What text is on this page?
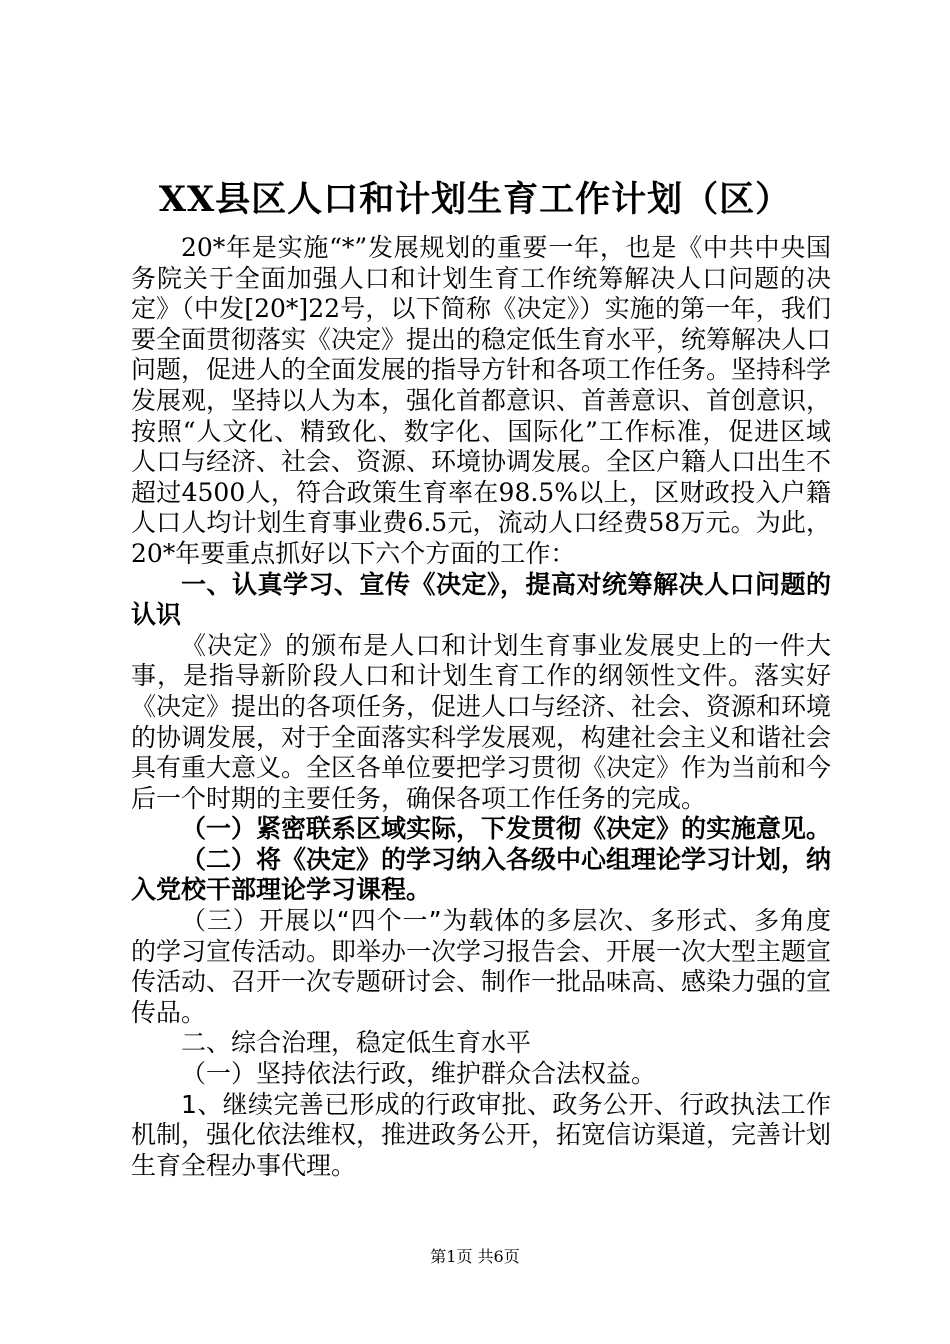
XX县区人口和计划生育工作计划（区）

20*年是实施“*”发展规划的重要一年，也是《中共中央国务院关于全面加强人口和计划生育工作统筹解决人口问题的决定》（中发[20*]22号，以下简称《决定》）实施的第一年，我们要全面贯彻落实《决定》提出的稳定低生育水平，统筹解决人口问题，促进人的全面发展的指导方针和各项工作任务。坚持科学发展观，坚持以人为本，强化首都意识、首善意识、首创意识，按照“人文化、精致化、数字化、国际化”工作标准，促进区域人口与经济、社会、资源、环境协调发展。全区户籍人口出生不超过4500人，符合政策生育率在98.5%以上，区财政投入户籍人口人均计划生育事业费6.5元，流动人口经费58万元。为此，20*年要重点抓好以下六个方面的工作：

一、认真学习、宣传《决定》，提高对统筹解决人口问题的认识

《决定》的颁布是人口和计划生育事业发展史上的一件大事，是指导新阶段人口和计划生育工作的纲领性文件。落实好《决定》提出的各项任务，促进人口与经济、社会、资源和环境的协调发展，对于全面落实科学发展观，构建社会主义和谐社会具有重大意义。全区各单位要把学习贯彻《决定》作为当前和今后一个时期的主要任务，确保各项工作任务的完成。

（一）紧密联系区域实际，下发贯彻《决定》的实施意见。

（二）将《决定》的学习纳入各级中心组理论学习计划，纳入党校干部理论学习课程。

（三）开展以“四个一”为载体的多层次、多形式、多角度的学习宣传活动。即举办一次学习报告会、开展一次大型主题宣传活动、召开一次专题研讨会、制作一批品味高、感染力强的宣传品。

二、综合治理，稳定低生育水平

（一）坚持依法行政，维护群众合法权益。

1、继续完善已形成的行政审批、政务公开、行政执法工作机制，强化依法维权，推进政务公开，拓宽信访渠道，完善计划生育全程办事代理。

第1页 共6页
